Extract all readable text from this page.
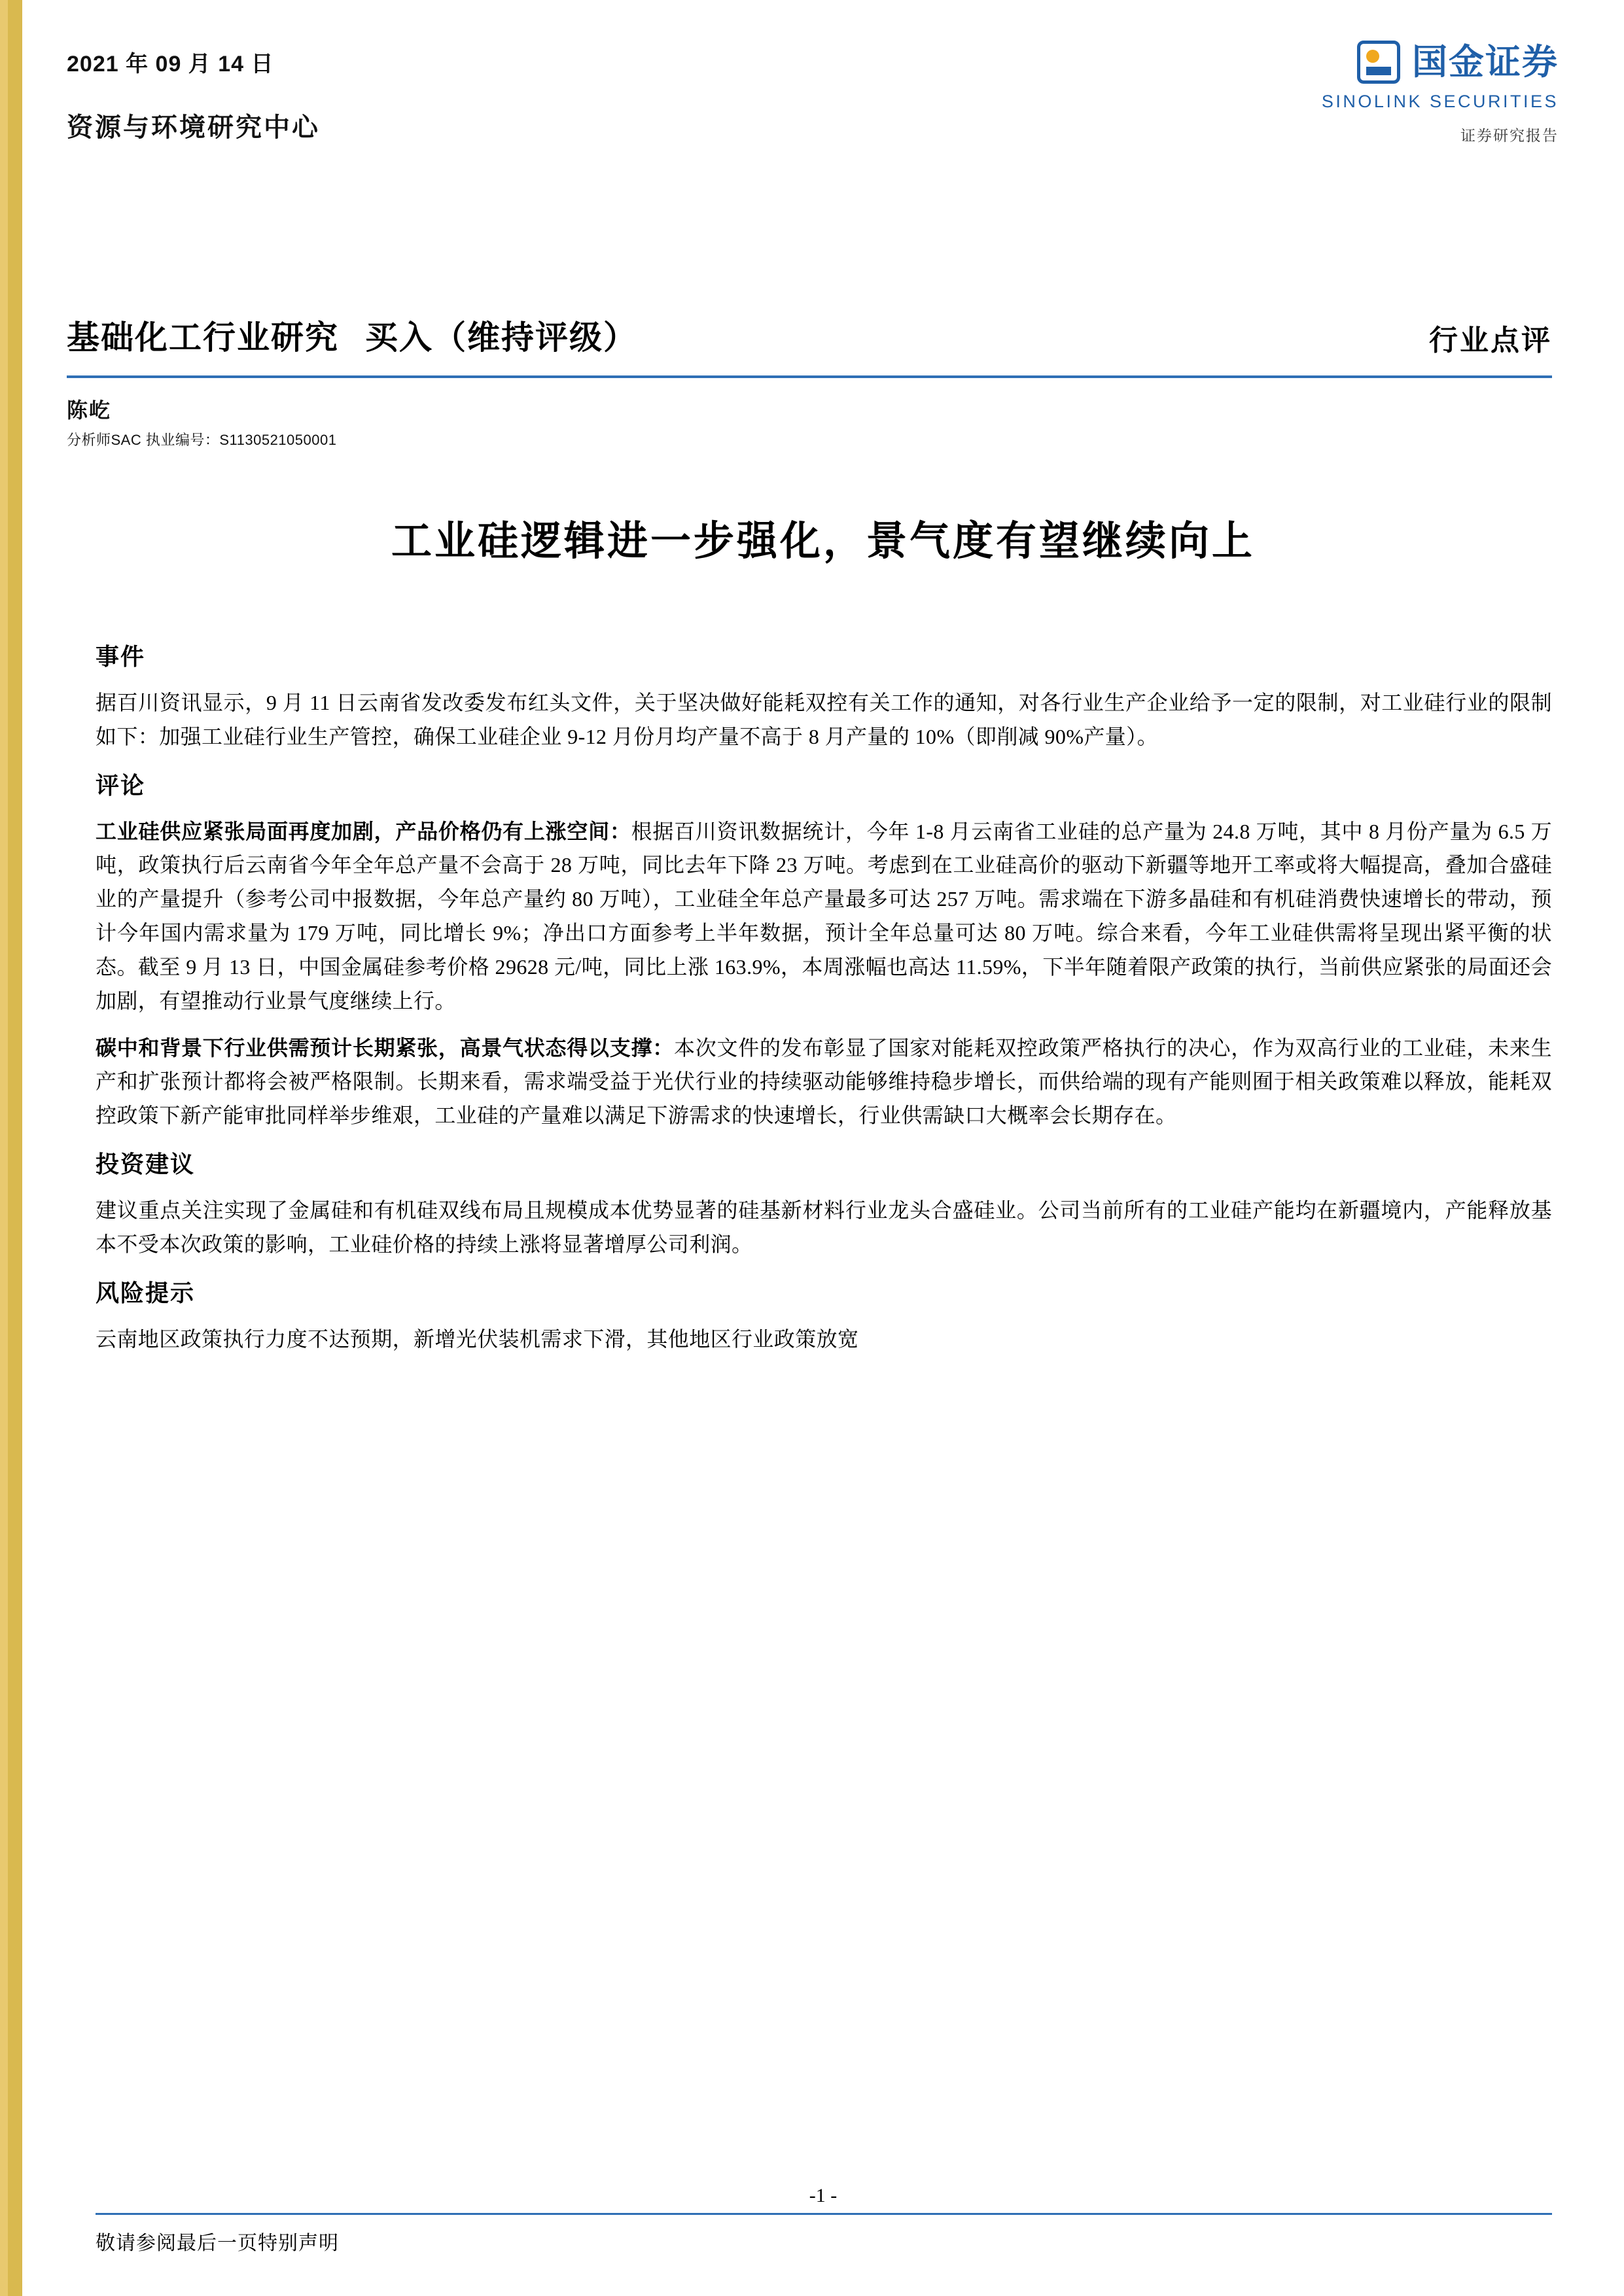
2021 年 09 月 14 日
资源与环境研究中心
国金证券
SINOLINK SECURITIES
证券研究报告
基础化工行业研究 买入（维持评级）	行业点评
陈屹
分析师SAC 执业编号：S1130521050001
工业硅逻辑进一步强化，景气度有望继续向上
事件

据百川资讯显示，9 月 11 日云南省发改委发布红头文件，关于坚决做好能耗双控有关工作的通知，对各行业生产企业给予一定的限制，对工业硅行业的限制如下：加强工业硅行业生产管控，确保工业硅企业 9-12 月份月均产量不高于 8 月产量的 10%（即削减 90%产量）。

评论

工业硅供应紧张局面再度加剧，产品价格仍有上涨空间：根据百川资讯数据统计，今年 1-8 月云南省工业硅的总产量为 24.8 万吨，其中 8 月份产量为 6.5 万吨，政策执行后云南省今年全年总产量不会高于 28 万吨，同比去年下降 23 万吨。考虑到在工业硅高价的驱动下新疆等地开工率或将大幅提高，叠加合盛硅业的产量提升（参考公司中报数据，今年总产量约 80 万吨），工业硅全年总产量最多可达 257 万吨。需求端在下游多晶硅和有机硅消费快速增长的带动，预计今年国内需求量为 179 万吨，同比增长 9%；净出口方面参考上半年数据，预计全年总量可达 80 万吨。综合来看，今年工业硅供需将呈现出紧平衡的状态。截至 9 月 13 日，中国金属硅参考价格 29628 元/吨，同比上涨 163.9%，本周涨幅也高达 11.59%，下半年随着限产政策的执行，当前供应紧张的局面还会加剧，有望推动行业景气度继续上行。

碳中和背景下行业供需预计长期紧张，高景气状态得以支撑：本次文件的发布彰显了国家对能耗双控政策严格执行的决心，作为双高行业的工业硅，未来生产和扩张预计都将会被严格限制。长期来看，需求端受益于光伏行业的持续驱动能够维持稳步增长，而供给端的现有产能则囿于相关政策难以释放，能耗双控政策下新产能审批同样举步维艰，工业硅的产量难以满足下游需求的快速增长，行业供需缺口大概率会长期存在。

投资建议

建议重点关注实现了金属硅和有机硅双线布局且规模成本优势显著的硅基新材料行业龙头合盛硅业。公司当前所有的工业硅产能均在新疆境内，产能释放基本不受本次政策的影响，工业硅价格的持续上涨将显著增厚公司利润。

风险提示

云南地区政策执行力度不达预期，新增光伏装机需求下滑，其他地区行业政策放宽

-1 -
敬请参阅最后一页特别声明
